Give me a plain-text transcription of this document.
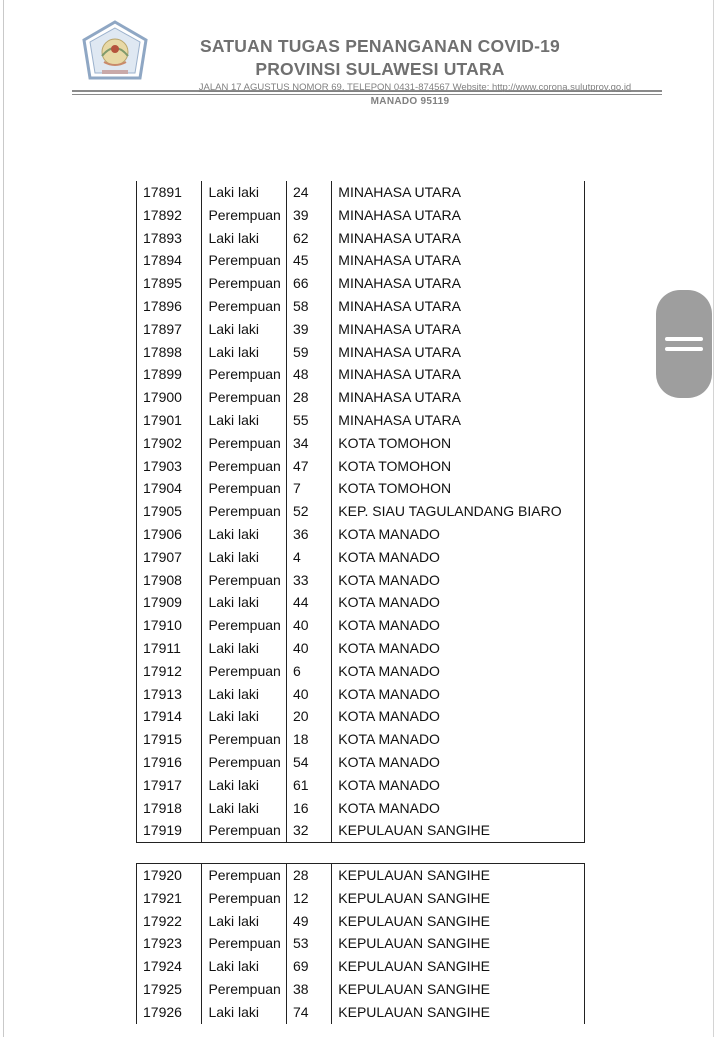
SATUAN TUGAS PENANGANAN COVID-19
PROVINSI SULAWESI UTARA
JALAN 17 AGUSTUS NOMOR 69, TELEPON 0431-874567 Website: http://www.corona.sulutprov.go.id
MANADO 95119
17891	Laki laki	24	MINAHASA UTARA
17892	Perempuan	39	MINAHASA UTARA
17893	Laki laki	62	MINAHASA UTARA
17894	Perempuan	45	MINAHASA UTARA
17895	Perempuan	66	MINAHASA UTARA
17896	Perempuan	58	MINAHASA UTARA
17897	Laki laki	39	MINAHASA UTARA
17898	Laki laki	59	MINAHASA UTARA
17899	Perempuan	48	MINAHASA UTARA
17900	Perempuan	28	MINAHASA UTARA
17901	Laki laki	55	MINAHASA UTARA
17902	Perempuan	34	KOTA TOMOHON
17903	Perempuan	47	KOTA TOMOHON
17904	Perempuan	7	KOTA TOMOHON
17905	Perempuan	52	KEP. SIAU TAGULANDANG BIARO
17906	Laki laki	36	KOTA MANADO
17907	Laki laki	4	KOTA MANADO
17908	Perempuan	33	KOTA MANADO
17909	Laki laki	44	KOTA MANADO
17910	Perempuan	40	KOTA MANADO
17911	Laki laki	40	KOTA MANADO
17912	Perempuan	6	KOTA MANADO
17913	Laki laki	40	KOTA MANADO
17914	Laki laki	20	KOTA MANADO
17915	Perempuan	18	KOTA MANADO
17916	Perempuan	54	KOTA MANADO
17917	Laki laki	61	KOTA MANADO
17918	Laki laki	16	KOTA MANADO
17919	Perempuan	32	KEPULAUAN SANGIHE
17920	Perempuan	28	KEPULAUAN SANGIHE
17921	Perempuan	12	KEPULAUAN SANGIHE
17922	Laki laki	49	KEPULAUAN SANGIHE
17923	Perempuan	53	KEPULAUAN SANGIHE
17924	Laki laki	69	KEPULAUAN SANGIHE
17925	Perempuan	38	KEPULAUAN SANGIHE
17926	Laki laki	74	KEPULAUAN SANGIHE
